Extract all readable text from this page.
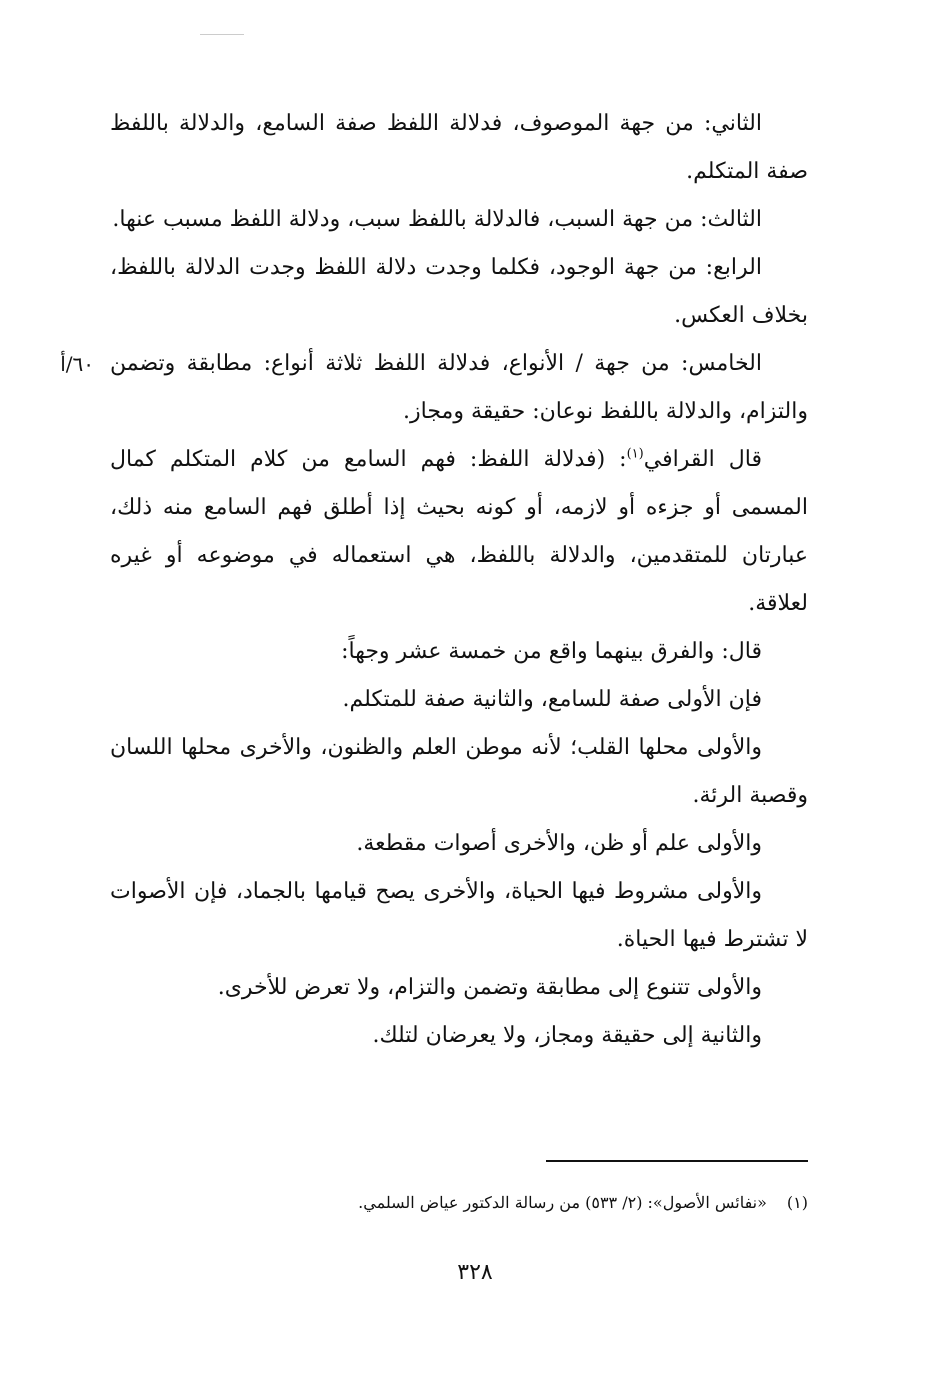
الثاني: من جهة الموصوف، فدلالة اللفظ صفة السامع، والدلالة باللفظ صفة المتكلم.

الثالث: من جهة السبب، فالدلالة باللفظ سبب، ودلالة اللفظ مسبب عنها.

الرابع: من جهة الوجود، فكلما وجدت دلالة اللفظ وجدت الدلالة باللفظ، بخلاف العكس.

٦٠/أ الخامس: من جهة / الأنواع، فدلالة اللفظ ثلاثة أنواع: مطابقة وتضمن والتزام، والدلالة باللفظ نوعان: حقيقة ومجاز.

قال القرافي$^{(١)}$: (فدلالة اللفظ: فهم السامع من كلام المتكلم كمال المسمى أو جزءه أو لازمه، أو كونه بحيث إذا أطلق فهم السامع منه ذلك، عبارتان للمتقدمين، والدلالة باللفظ، هي استعماله في موضوعه أو غيره لعلاقة.

قال: والفرق بينهما واقع من خمسة عشر وجهاً:

فإن الأولى صفة للسامع، والثانية صفة للمتكلم.

والأولى محلها القلب؛ لأنه موطن العلم والظنون، والأخرى محلها اللسان وقصبة الرئة.

والأولى علم أو ظن، والأخرى أصوات مقطعة.

والأولى مشروط فيها الحياة، والأخرى يصح قيامها بالجماد، فإن الأصوات لا تشترط فيها الحياة.

والأولى تتنوع إلى مطابقة وتضمن والتزام، ولا تعرض للأخرى.

والثانية إلى حقيقة ومجاز، ولا يعرضان لتلك.

(١)«نفائس الأصول»: (٢/ ٥٣٣) من رسالة الدكتور عياض السلمي.
٣٢٨
